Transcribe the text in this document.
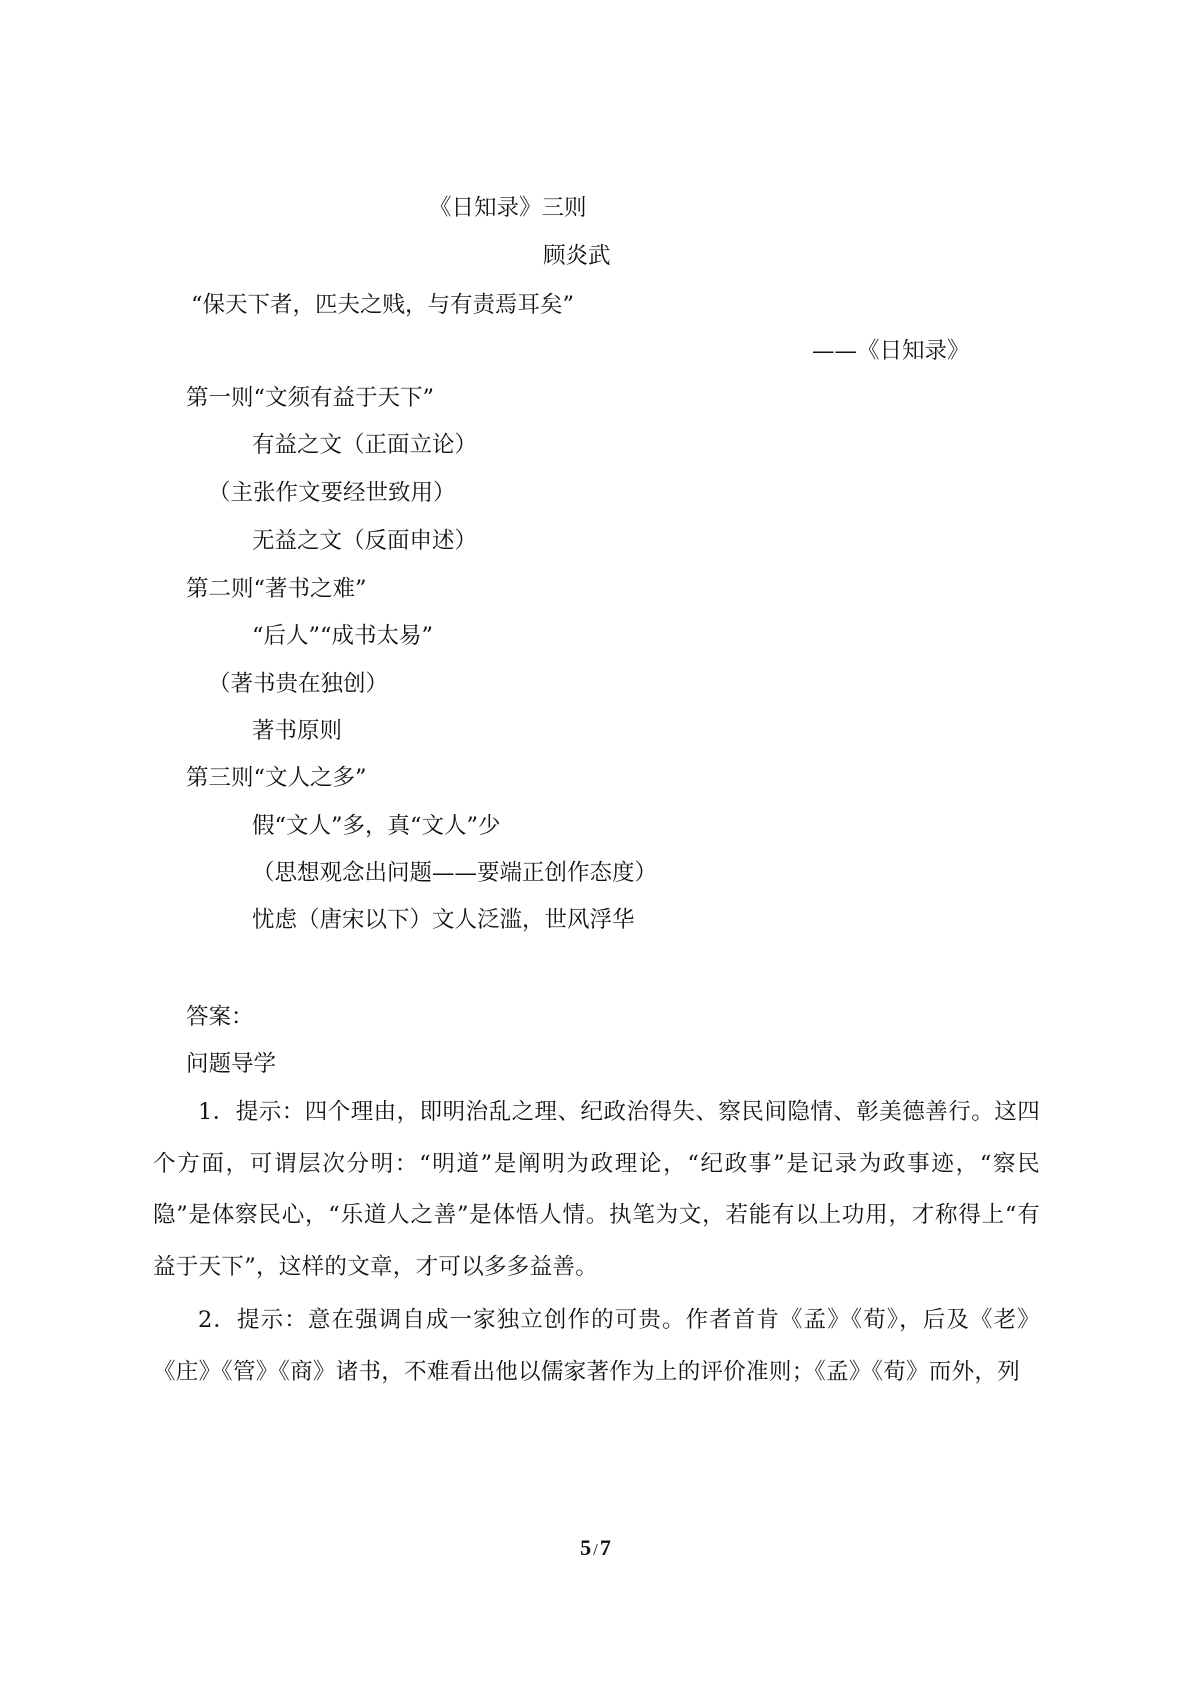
《日知录》三则
顾炎武
“保天下者，匹夫之贱，与有责焉耳矣”
——《日知录》
第一则“文须有益于天下”
有益之文（正面立论）
（主张作文要经世致用）
无益之文（反面申述）
第二则“著书之难”
“后人”“成书太易”
（著书贵在独创）
著书原则
第三则“文人之多”
假“文人”多，真“文人”少
（思想观念出问题——要端正创作态度）
忧虑（唐宋以下）文人泛滥，世风浮华
答案：
问题导学
1．提示：四个理由，即明治乱之理、纪政治得失、察民间隐情、彰美德善行。这四个方面，可谓层次分明：“明道”是阐明为政理论，“纪政事”是记录为政事迹，“察民隐”是体察民心，“乐道人之善”是体悟人情。执笔为文，若能有以上功用，才称得上“有益于天下”，这样的文章，才可以多多益善。
2．提示：意在强调自成一家独立创作的可贵。作者首肯《孟》《荀》，后及《老》《庄》《管》《商》诸书，不难看出他以儒家著作为上的评价准则；《孟》《荀》而外，列
5 /7
